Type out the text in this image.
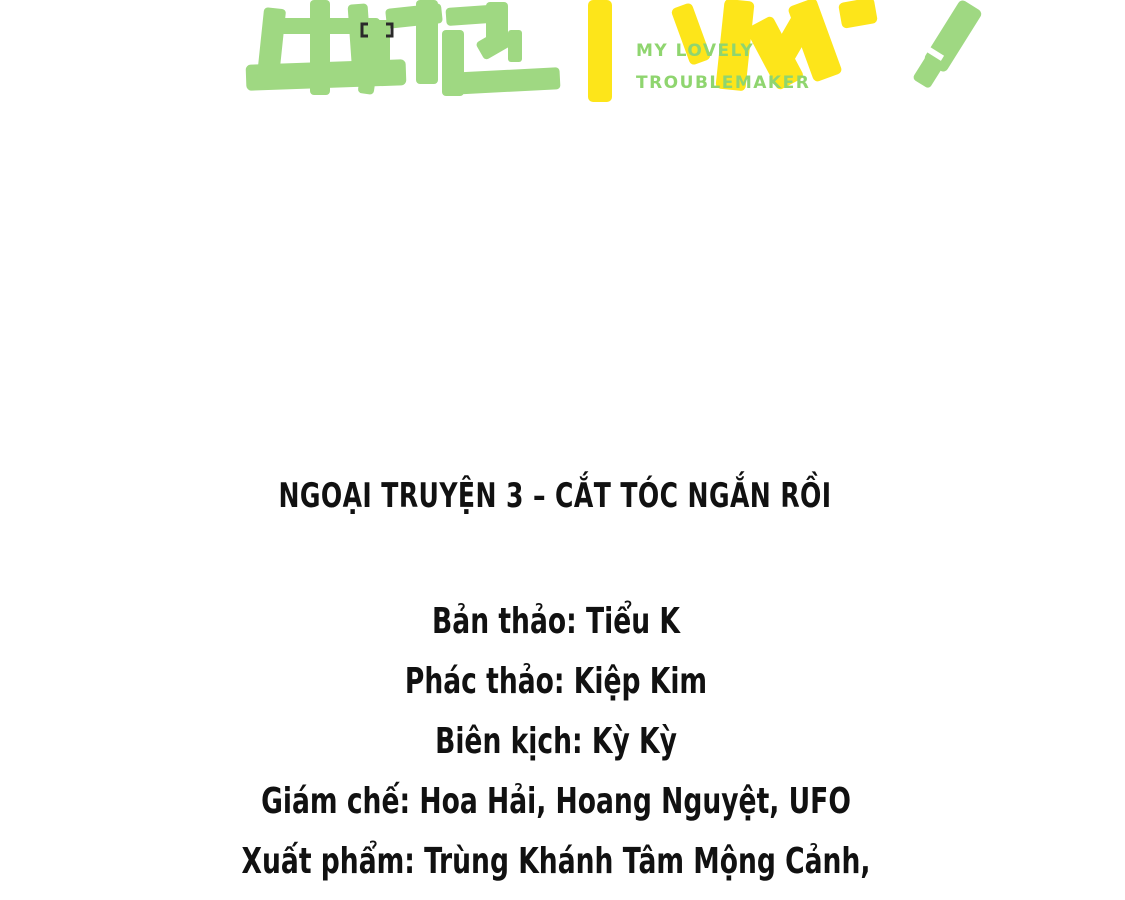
MY LOVELY
TROUBLEMAKER
NGOẠI TRUYỆN 3 – CẮT TÓC NGẮN RỒI
Bản thảo: Tiểu K
Phác thảo: Kiệp Kim
Biên kịch: Kỳ Kỳ
Giám chế: Hoa Hải, Hoang Nguyệt, UFO
Xuất phẩm: Trùng Khánh Tâm Mộng Cảnh,
